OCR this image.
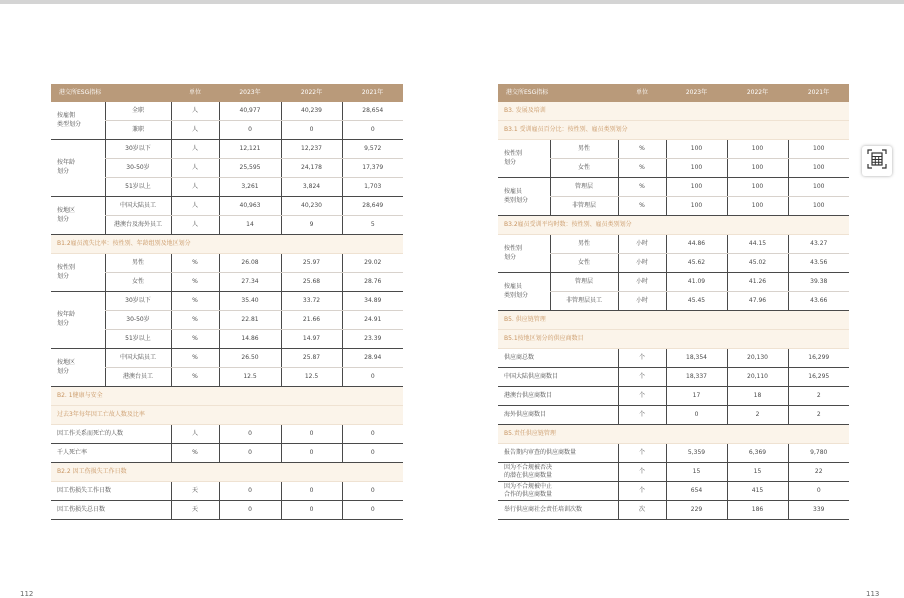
港交所ESG指标		单位	2023年	2022年	2021年
按雇佣
类型划分	全职	人	40,977	40,239	28,654
	兼职	人	0	0	0
按年龄
划分	30岁以下	人	12,121	12,237	9,572
	30-50岁	人	25,595	24,178	17,379
	51岁以上	人	3,261	3,824	1,703
按地区
划分	中国大陆员工	人	40,963	40,230	28,649
	港澳台及海外员工	人	14	9	5
B1.2雇员流失比率：按性别、年龄组别及地区划分					
按性别
划分	男性	%	26.08	25.97	29.02
	女性	%	27.34	25.68	28.76
按年龄
划分	30岁以下	%	35.40	33.72	34.89
	30-50岁	%	22.81	21.66	24.91
	51岁以上	%	14.86	14.97	23.39
按地区
划分	中国大陆员工	%	26.50	25.87	28.94
	港澳台员工	%	12.5	12.5	0
B2. 1健康与安全					
过去3年每年因工亡故人数及比率					
因工作关系而死亡的人数		人	0	0	0
千人死亡率		%	0	0	0
B2.2 因工伤损失工作日数					
因工伤损失工作日数		天	0	0	0
因工伤损失总日数		天	0	0	0
港交所ESG指标		单位	2023年	2022年	2021年
B3. 发展及培训					
B3.1 受训雇员百分比：按性别、雇员类别划分					
按性别
划分	男性	%	100	100	100
	女性	%	100	100	100
按雇员
类别划分	管理层	%	100	100	100
	非管理层	%	100	100	100
B3.2雇员受训平均时数：按性别、雇员类别划分					
按性别
划分	男性	小时	44.86	44.15	43.27
	女性	小时	45.62	45.02	43.56
按雇员
类别划分	管理层	小时	41.09	41.26	39.38
	非管理层员工	小时	45.45	47.96	43.66
B5. 供应链管理					
B5.1按地区划分的供应商数目					
供应商总数		个	18,354	20,130	16,299
中国大陆供应商数目		个	18,337	20,110	16,295
港澳台供应商数目		个	17	18	2
海外供应商数目		个	0	2	2
B5.责任供应链管理					
报告期内审查的供应商数量		个	5,359	6,369	9,780
因为不合规被否决
的潜在供应商数量		个	15	15	22
因为不合规被中止
合作的供应商数量		个	654	415	0
举行供应商社会责任培训次数		次	229	186	339
112	113
